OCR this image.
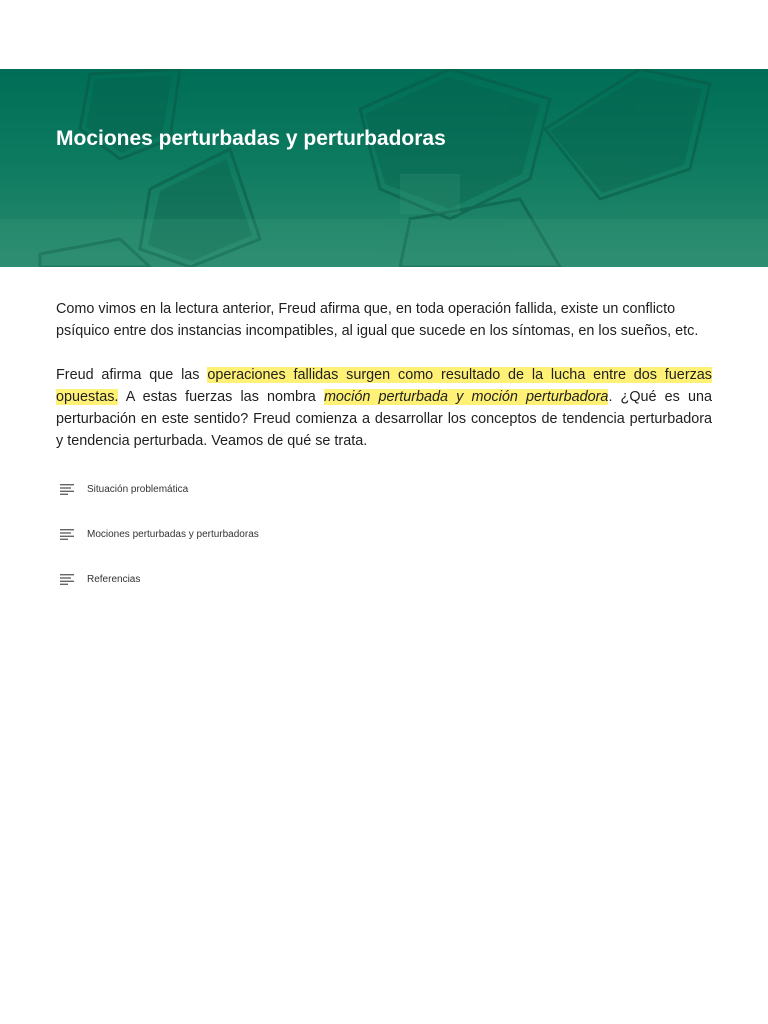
Mociones perturbadas y perturbadoras

Como vimos en la lectura anterior, Freud afirma que, en toda operación fallida, existe un conflicto psíquico entre dos instancias incompatibles, al igual que sucede en los síntomas, en los sueños, etc.

Freud afirma que las operaciones fallidas surgen como resultado de la lucha entre dos fuerzas opuestas. A estas fuerzas las nombra moción perturbada y moción perturbadora. ¿Qué es una perturbación en este sentido? Freud comienza a desarrollar los conceptos de tendencia perturbadora y tendencia perturbada. Veamos de qué se trata.

Situación problemática
Mociones perturbadas y perturbadoras
Referencias
